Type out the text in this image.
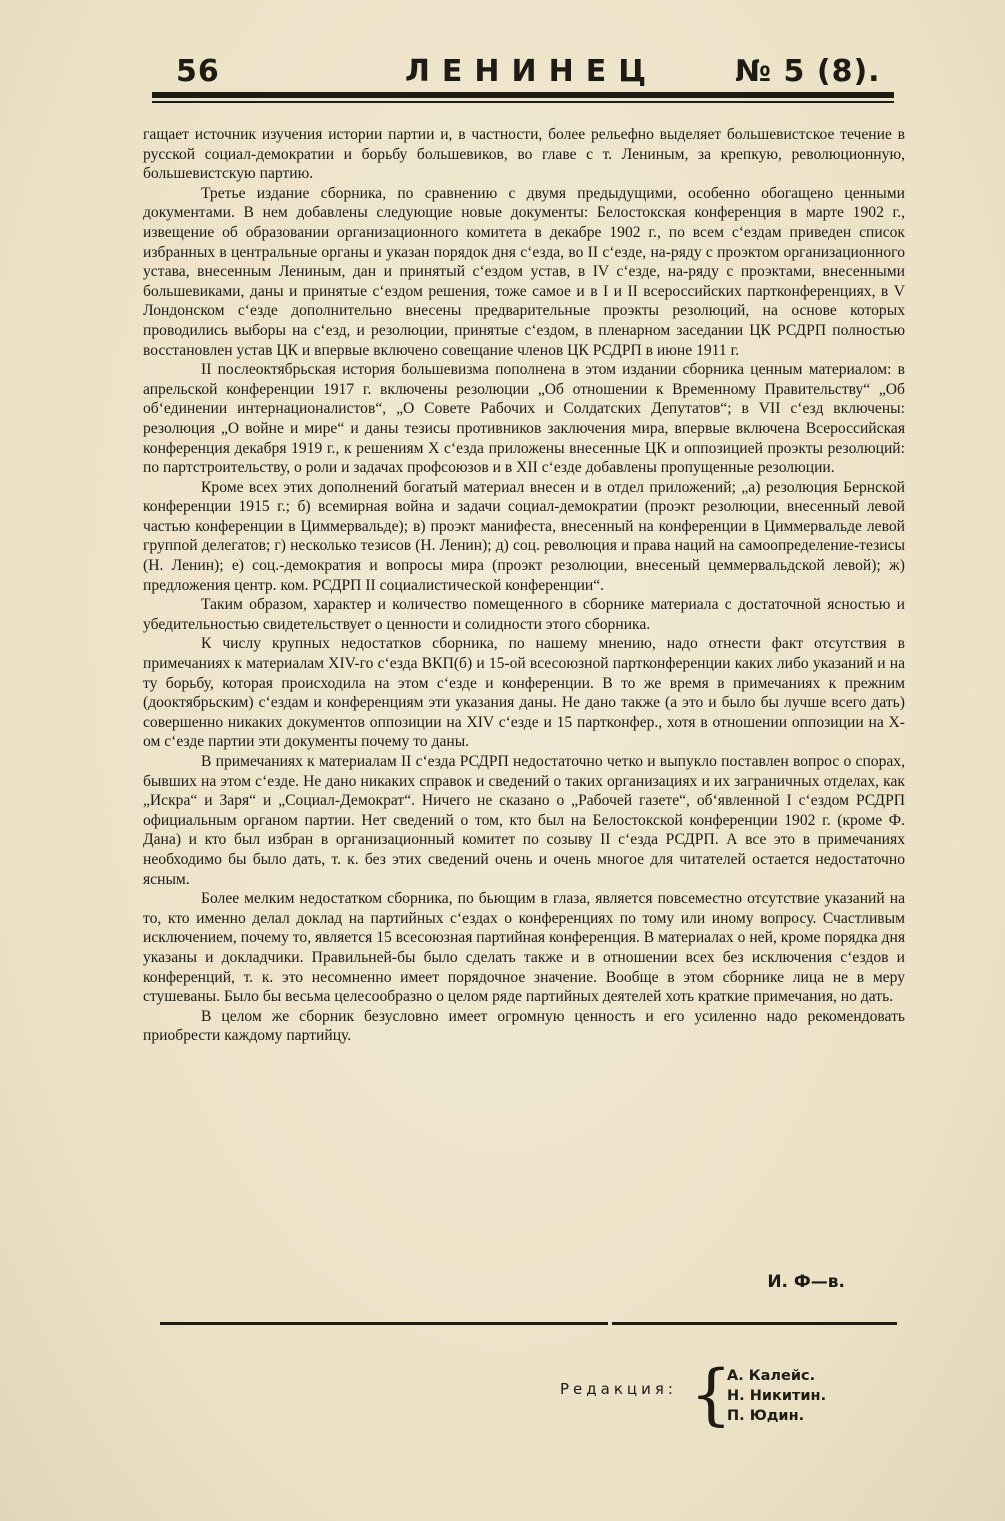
56	ЛЕНИНЕЦ	№ 5 (8).

гащает источник изучения истории партии и, в частности, более рельефно выделяет большевистское течение в русской социал-демократии и борьбу большевиков, во главе с т. Лениным, за крепкую, революционную, большевистскую партию.

Третье издание сборника, по сравнению с двумя предыдущими, особенно обогащено ценными документами. В нем добавлены следующие новые документы: Белостокская конференция в марте 1902 г., извещение об образовании организационного комитета в декабре 1902 г., по всем с‘ездам приведен список избранных в центральные органы и указан порядок дня с‘езда, во II с‘езде, на-ряду с проэктом организационного устава, внесенным Лениным, дан и принятый с‘ездом устав, в IV с‘езде, на-ряду с проэктами, внесенными большевиками, даны и принятые с‘ездом решения, тоже самое и в I и II всероссийских партконференциях, в V Лондонском с‘езде дополнительно внесены предварительные проэкты резолюций, на основе которых проводились выборы на с‘езд, и резолюции, принятые с‘ездом, в пленарном заседании ЦК РСДРП полностью восстановлен устав ЦК и впервые включено совещание членов ЦК РСДРП в июне 1911 г.

II послеоктябрьская история большевизма пополнена в этом издании сборника ценным материалом: в апрельской конференции 1917 г. включены резолюции „Об отношении к Временному Правительству“ „Об об‘единении интернационалистов“, „О Совете Рабочих и Солдатских Депутатов“; в VII с‘езд включены: резолюция „О войне и мире“ и даны тезисы противников заключения мира, впервые включена Всероссийская конференция декабря 1919 г., к решениям X с‘езда приложены внесенные ЦК и оппозицией проэкты резолюций: по партстроительству, о роли и задачах профсоюзов и в XII с‘езде добавлены пропущенные резолюции.

Кроме всех этих дополнений богатый материал внесен и в отдел приложений; „а) резолюция Бернской конференции 1915 г.; б) всемирная война и задачи социал-демократии (проэкт резолюции, внесенный левой частью конференции в Циммервальде); в) проэкт манифеста, внесенный на конференции в Циммервальде левой группой делегатов; г) несколько тезисов (Н. Ленин); д) соц. революция и права наций на самоопределение-тезисы (Н. Ленин); е) соц.-демократия и вопросы мира (проэкт резолюции, внесеный цеммервальдской левой); ж) предложения центр. ком. РСДРП II социалистической конференции“.

Таким образом, характер и количество помещенного в сборнике материала с достаточной ясностью и убедительностью свидетельствует о ценности и солидности этого сборника.

К числу крупных недостатков сборника, по нашему мнению, надо отнести факт отсутствия в примечаниях к материалам XIV-го с‘езда ВКП(б) и 15-ой всесоюзной партконференции каких либо указаний и на ту борьбу, которая происходила на этом с‘езде и конференции. В то же время в примечаниях к прежним (дооктябрьским) с‘ездам и конференциям эти указания даны. Не дано также (а это и было бы лучше всего дать) совершенно никаких документов оппозиции на XIV с‘езде и 15 партконфер., хотя в отношении оппозиции на X-ом с‘езде партии эти документы почему то даны.

В примечаниях к материалам II с‘езда РСДРП недостаточно четко и выпукло поставлен вопрос о спорах, бывших на этом с‘езде. Не дано никаких справок и сведений о таких организациях и их заграничных отделах, как „Искра“ и Заря“ и „Социал-Демократ“. Ничего не сказано о „Рабочей газете“, об‘явленной I с‘ездом РСДРП официальным органом партии. Нет сведений о том, кто был на Белостокской конференции 1902 г. (кроме Ф. Дана) и кто был избран в организационный комитет по созыву II с‘езда РСДРП. А все это в примечаниях необходимо бы было дать, т. к. без этих сведений очень и очень многое для читателей остается недостаточно ясным.

Более мелким недостатком сборника, по бьющим в глаза, является повсеместно отсутствие указаний на то, кто именно делал доклад на партийных с‘ездах о конференциях по тому или иному вопросу. Счастливым исключением, почему то, является 15 всесоюзная партийная конференция. В материалах о ней, кроме порядка дня указаны и докладчики. Правильней-бы было сделать также и в отношении всех без исключения с‘ездов и конференций, т. к. это несомненно имеет порядочное значение. Вообще в этом сборнике лица не в меру стушеваны. Было бы весьма целесообразно о целом ряде партийных деятелей хоть краткие примечания, но дать.

В целом же сборник безусловно имеет огромную ценность и его усиленно надо рекомендовать приобрести каждому партийцу.

И. Ф—в.
Редакция: {
А. Калейс.
Н. Никитин.
П. Юдин.
